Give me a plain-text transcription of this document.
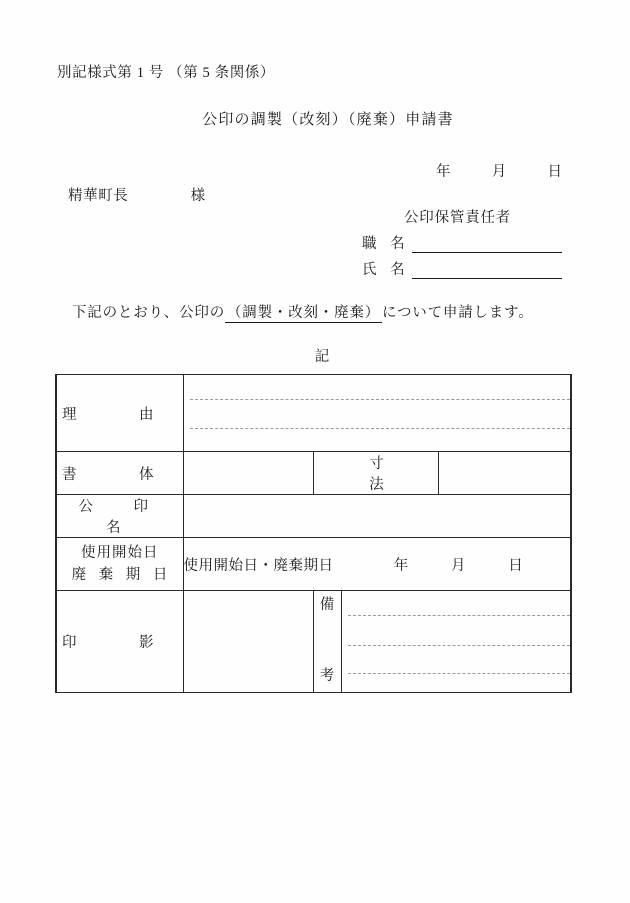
別記様式第 1 号 （第 5 条関係）
公印の調製（改刻）（廃棄）申請書
年	月	日
精華町長	様
公印保管責任者
職 名
氏 名
下記のとおり、公印の （調製・改刻・廃棄） について申請します。
記
理　由				

書　体		寸　法		
公　印　名				

使用開始日
廃 棄 期 日	使用開始日・廃棄期日 年 月 日			
印　影		備
考		
